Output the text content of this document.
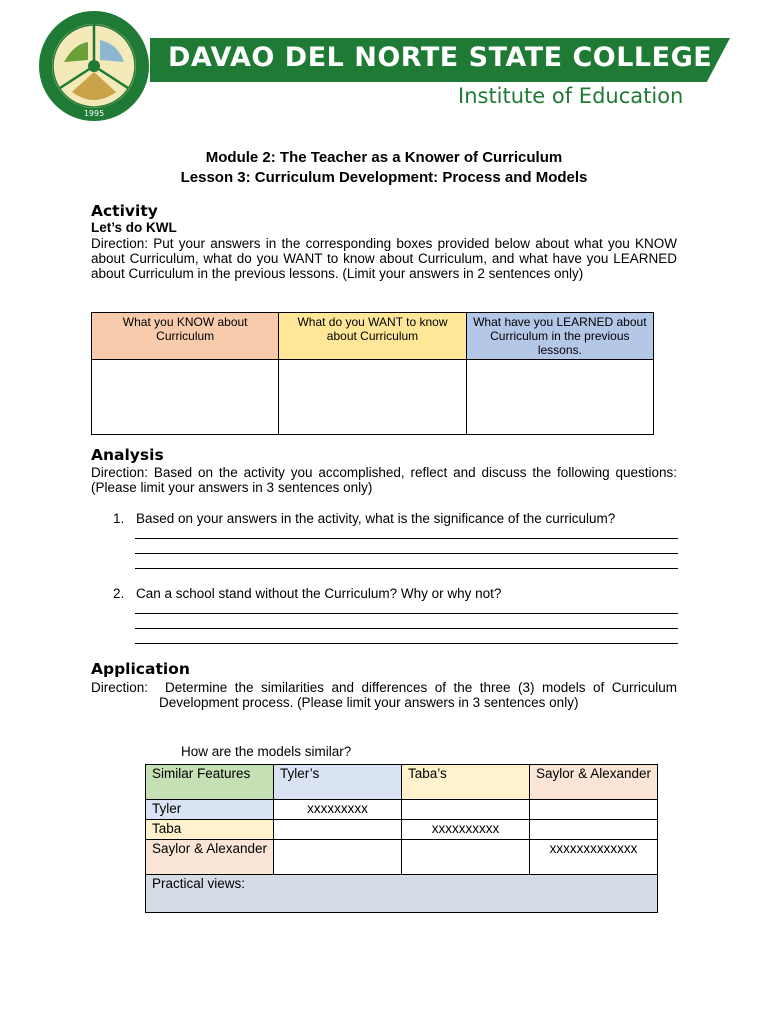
1995
DAVAO DEL NORTE STATE COLLEGE
Institute of Education
Module 2: The Teacher as a Knower of Curriculum
Lesson 3: Curriculum Development: Process and Models
Activity
Let’s do KWL
Direction: Put your answers in the corresponding boxes provided below about what you KNOW about Curriculum, what do you WANT to know about Curriculum, and what have you LEARNED about Curriculum in the previous lessons. (Limit your answers in 2 sentences only)
What you KNOW about Curriculum	What do you WANT to know about Curriculum	What have you LEARNED about Curriculum in the previous lessons.

Analysis
Direction: Based on the activity you accomplished, reflect and discuss the following questions: (Please limit your answers in 3 sentences only)
1. Based on your answers in the activity, what is the significance of the curriculum?
2. Can a school stand without the Curriculum? Why or why not?
Application
Direction:	Determine the similarities and differences of the three (3) models of Curriculum Development process. (Please limit your answers in 3 sentences only)
How are the models similar?
Similar Features	Tyler’s	Taba’s	Saylor & Alexander
Tyler	xxxxxxxxx		
Taba		xxxxxxxxxx	
Saylor & Alexander			xxxxxxxxxxxxx
Practical views:			
